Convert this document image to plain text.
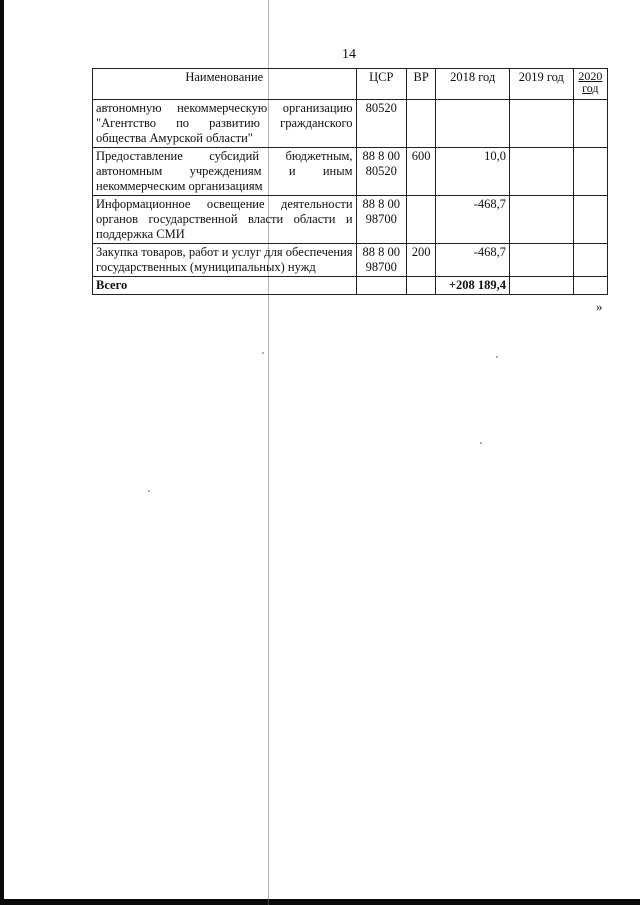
14
Наименование	ЦСР	ВР	2018 год	2019 год	2020 год
автономную некоммерческую организацию "Агентство по развитию гражданского общества Амурской области"	80520				
Предоставление субсидий бюджетным, автономным учреждениям и иным некоммерческим организациям	88 8 00 80520	600	10,0		
Информационное освещение деятельности органов государственной власти области и поддержка СМИ	88 8 00 98700		-468,7		
Закупка товаров, работ и услуг для обеспечения государственных (муниципальных) нужд	88 8 00 98700	200	-468,7		
Всего			+208 189,4		
»
